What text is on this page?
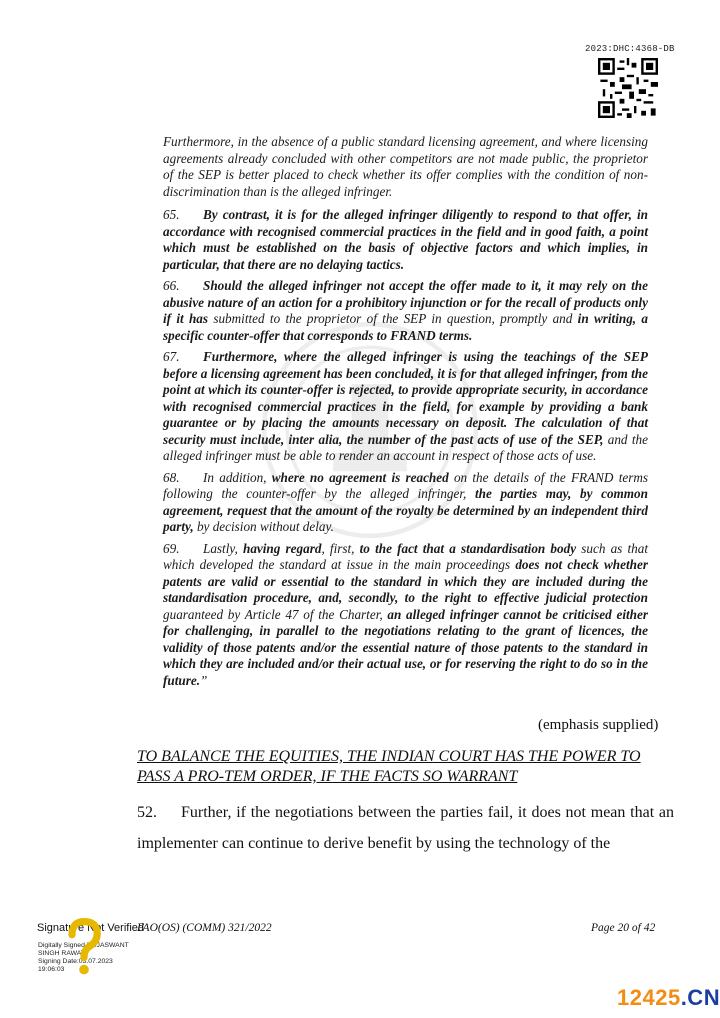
2023:DHC:4368-DB

Furthermore, in the absence of a public standard licensing agreement, and where licensing agreements already concluded with other competitors are not made public, the proprietor of the SEP is better placed to check whether its offer complies with the condition of non-discrimination than is the alleged infringer.

65. By contrast, it is for the alleged infringer diligently to respond to that offer, in accordance with recognised commercial practices in the field and in good faith, a point which must be established on the basis of objective factors and which implies, in particular, that there are no delaying tactics.

66. Should the alleged infringer not accept the offer made to it, it may rely on the abusive nature of an action for a prohibitory injunction or for the recall of products only if it has submitted to the proprietor of the SEP in question, promptly and in writing, a specific counter-offer that corresponds to FRAND terms.

67. Furthermore, where the alleged infringer is using the teachings of the SEP before a licensing agreement has been concluded, it is for that alleged infringer, from the point at which its counter-offer is rejected, to provide appropriate security, in accordance with recognised commercial practices in the field, for example by providing a bank guarantee or by placing the amounts necessary on deposit. The calculation of that security must include, inter alia, the number of the past acts of use of the SEP, and the alleged infringer must be able to render an account in respect of those acts of use.

68. In addition, where no agreement is reached on the details of the FRAND terms following the counter-offer by the alleged infringer, the parties may, by common agreement, request that the amount of the royalty be determined by an independent third party, by decision without delay.

69. Lastly, having regard, first, to the fact that a standardisation body such as that which developed the standard at issue in the main proceedings does not check whether patents are valid or essential to the standard in which they are included during the standardisation procedure, and, secondly, to the right to effective judicial protection guaranteed by Article 47 of the Charter, an alleged infringer cannot be criticised either for challenging, in parallel to the negotiations relating to the grant of licences, the validity of those patents and/or the essential nature of those patents to the standard in which they are included and/or their actual use, or for reserving the right to do so in the future.”

(emphasis supplied)
TO BALANCE THE EQUITIES, THE INDIAN COURT HAS THE POWER TO PASS A PRO-TEM ORDER, IF THE FACTS SO WARRANT

52. Further, if the negotiations between the parties fail, it does not mean that an implementer can continue to derive benefit by using the technology of the

Signature Not Verified
Digitally Signed By:JASWANT
SINGH RAWAT
Signing Date:03.07.2023
19:06:03
FAO(OS) (COMM) 321/2022	Page 20 of 42
12425.CN
